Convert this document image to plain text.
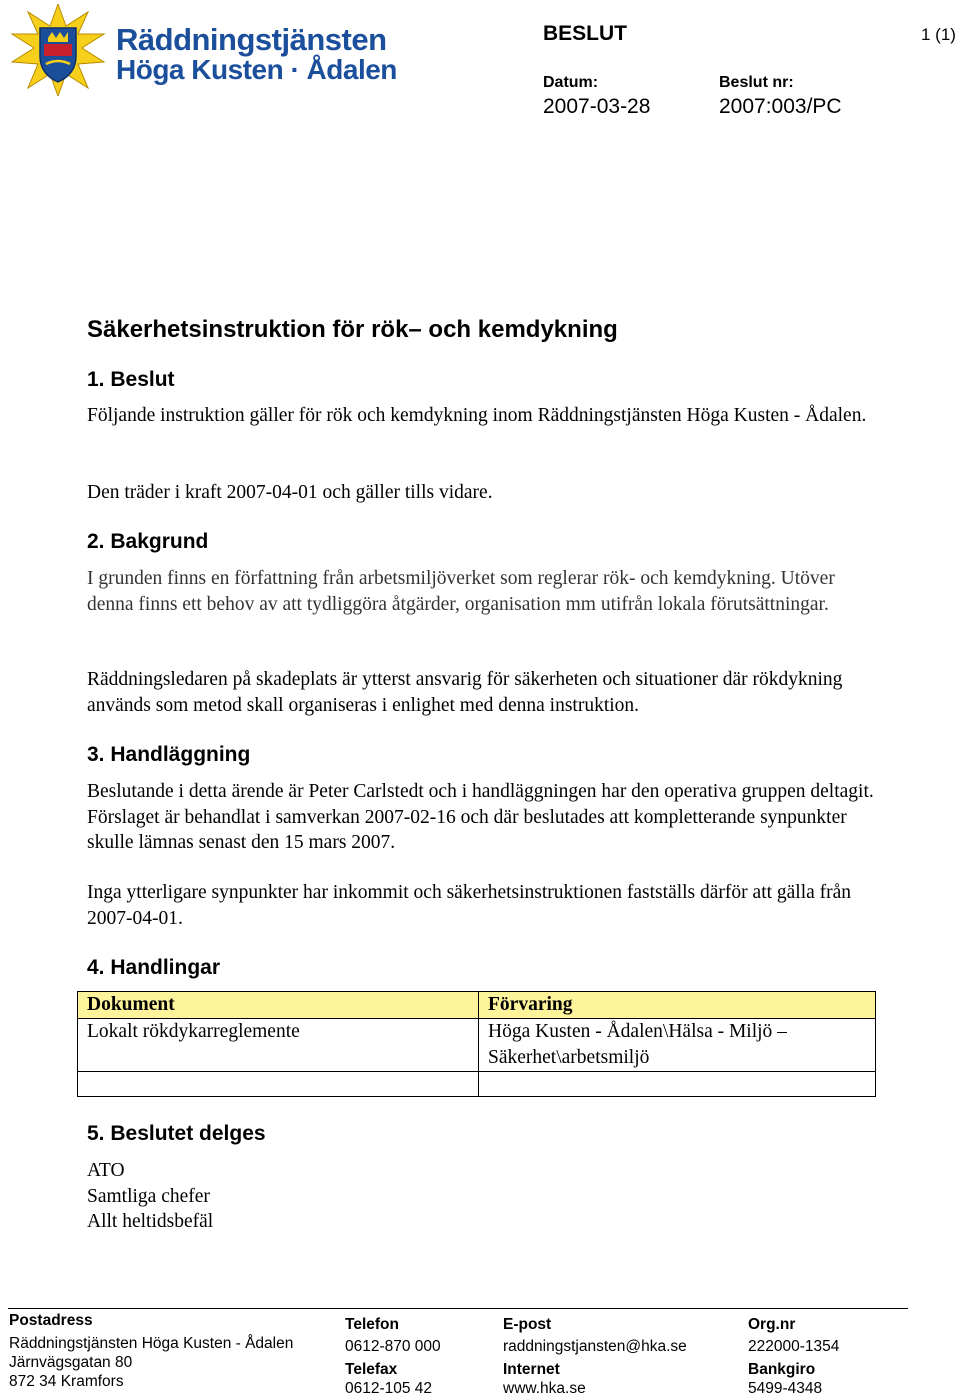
Räddningstjänsten
Höga Kusten · Ådalen
BESLUT	1 (1)
Datum:	Beslut nr:
2007-03-28	2007:003/PC
Säkerhetsinstruktion för rök– och kemdykning
1. Beslut
Följande instruktion gäller för rök och kemdykning inom Räddningstjänsten Höga Kusten - Ådalen.
Den träder i kraft 2007-04-01 och gäller tills vidare.
2. Bakgrund
I grunden finns en författning från arbetsmiljöverket som reglerar rök- och kemdykning. Utöver denna finns ett behov av att tydliggöra åtgärder, organisation mm utifrån lokala förutsättningar.
Räddningsledaren på skadeplats är ytterst ansvarig för säkerheten och situationer där rökdykning används som metod skall organiseras i enlighet med denna instruktion.
3. Handläggning
Beslutande i detta ärende är Peter Carlstedt och i handläggningen har den operativa gruppen deltagit. Förslaget är behandlat i samverkan 2007-02-16 och där beslutades att kompletterande synpunkter skulle lämnas senast den 15 mars 2007.
Inga ytterligare synpunkter har inkommit och säkerhetsinstruktionen fastställs därför att gälla från 2007-04-01.
4. Handlingar
Dokument	Förvaring
Lokalt rökdykarreglemente	Höga Kusten - Ådalen\Hälsa - Miljö – Säkerhet\arbetsmiljö

5. Beslutet delges
ATO
Samtliga chefer
Allt heltidsbefäl
Postadress
Räddningstjänsten Höga Kusten - Ådalen
Järnvägsgatan 80
872 34 Kramfors
Telefon
0612-870 000
Telefax
0612-105 42
E-post
raddningstjansten@hka.se
Internet
www.hka.se
Org.nr
222000-1354
Bankgiro
5499-4348
